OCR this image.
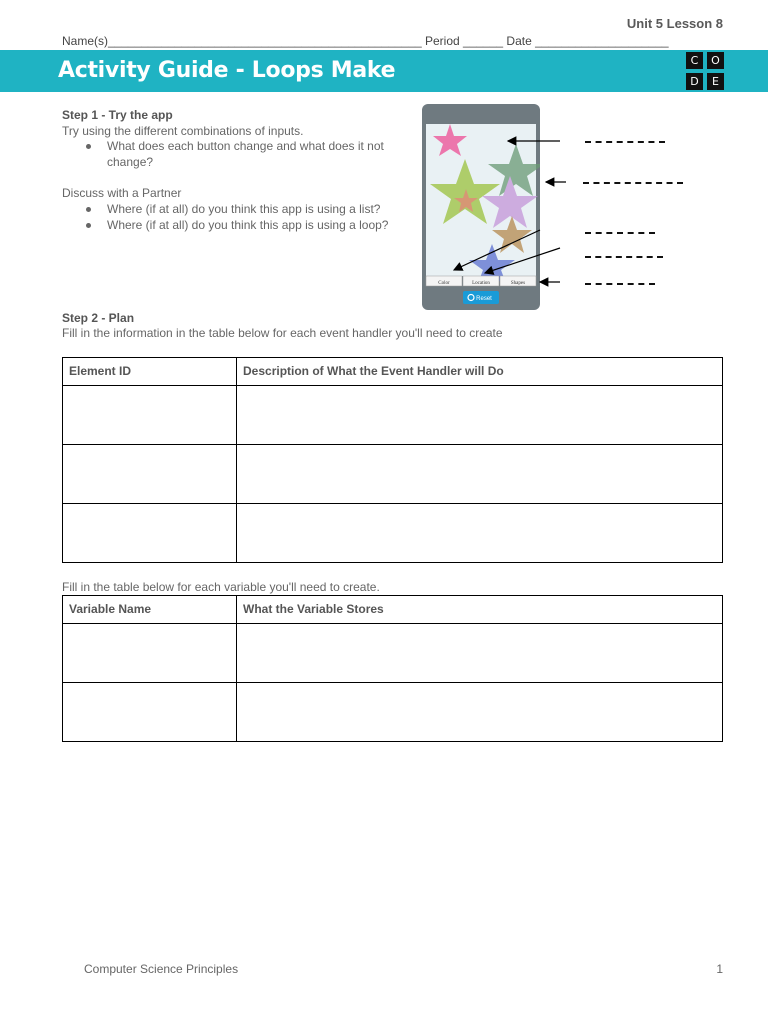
Unit 5 Lesson 8
Name(s)_______________________________________________ Period ______ Date ____________________
Activity Guide - Loops Make	C	O
D	E
Step 1 - Try the app
Try using the different combinations of inputs.
What does each button change and what does it not change?
Discuss with a Partner
Where (if at all) do you think this app is using a list?
Where (if at all) do you think this app is using a loop?
Color	Location	Shapes
Reset
Step 2 - Plan
Fill in the information in the table below for each event handler you'll need to create
Element ID	Description of What the Event Handler will Do

Fill in the table below for each variable you'll need to create.
Variable Name	What the Variable Stores

Computer Science Principles	1
